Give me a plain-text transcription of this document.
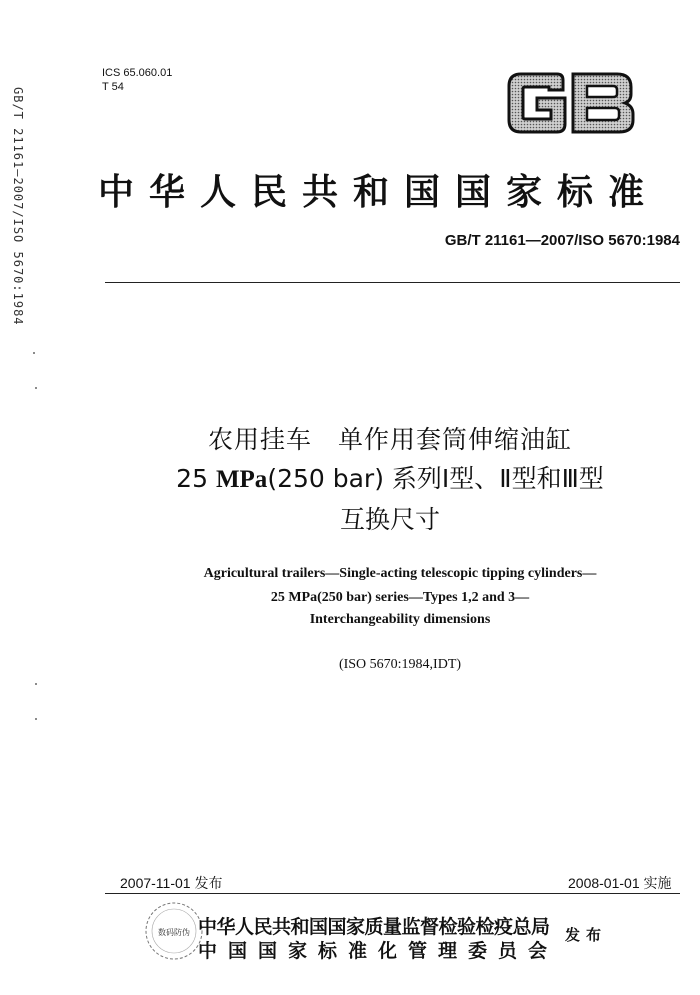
GB/T 21161—2007/ISO 5670:1984
ICS 65.060.01
T 54
GB
中华人民共和国国家标准
GB/T 21161—2007/ISO 5670:1984
农用挂车 单作用套筒伸缩油缸
25 MPa(250 bar) 系列Ⅰ型、Ⅱ型和Ⅲ型
互换尺寸
Agricultural trailers—Single-acting telescopic tipping cylinders—
25 MPa(250 bar) series—Types 1,2 and 3—
Interchangeability dimensions
(ISO 5670:1984,IDT)
2007-11-01 发布	2008-01-01 实施
数码防伪 中华人民共和国国家质量监督检验检疫总局
中国国家标准化管理委员会
发布
